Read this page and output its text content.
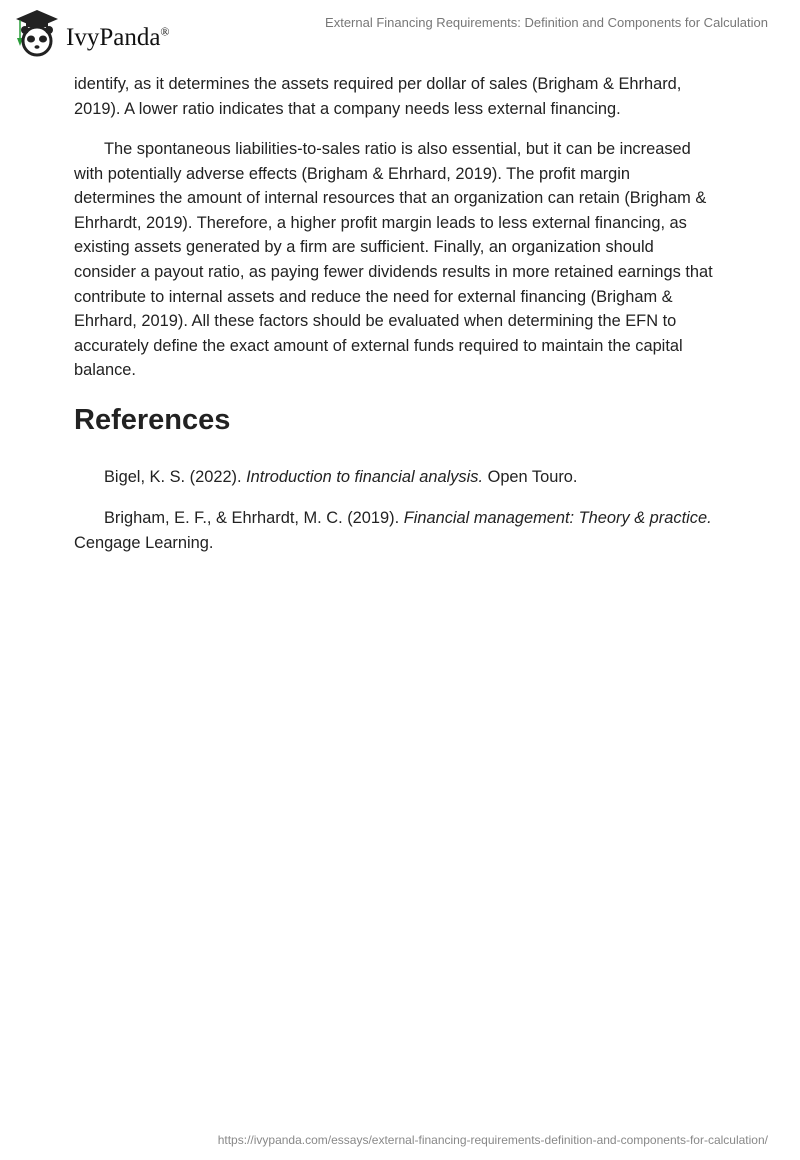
IvyPanda®
External Financing Requirements: Definition and Components for Calculation
identify, as it determines the assets required per dollar of sales (Brigham & Ehrhard,
2019). A lower ratio indicates that a company needs less external financing.
The spontaneous liabilities-to-sales ratio is also essential, but it can be increased
with potentially adverse effects (Brigham & Ehrhard, 2019). The profit margin
determines the amount of internal resources that an organization can retain (Brigham &
Ehrhardt, 2019). Therefore, a higher profit margin leads to less external financing, as
existing assets generated by a firm are sufficient. Finally, an organization should
consider a payout ratio, as paying fewer dividends results in more retained earnings that
contribute to internal assets and reduce the need for external financing (Brigham &
Ehrhard, 2019). All these factors should be evaluated when determining the EFN to
accurately define the exact amount of external funds required to maintain the capital
balance.
References
Bigel, K. S. (2022). Introduction to financial analysis. Open Touro.
Brigham, E. F., & Ehrhardt, M. C. (2019). Financial management: Theory & practice.
Cengage Learning.
https://ivypanda.com/essays/external-financing-requirements-definition-and-components-for-calculation/
